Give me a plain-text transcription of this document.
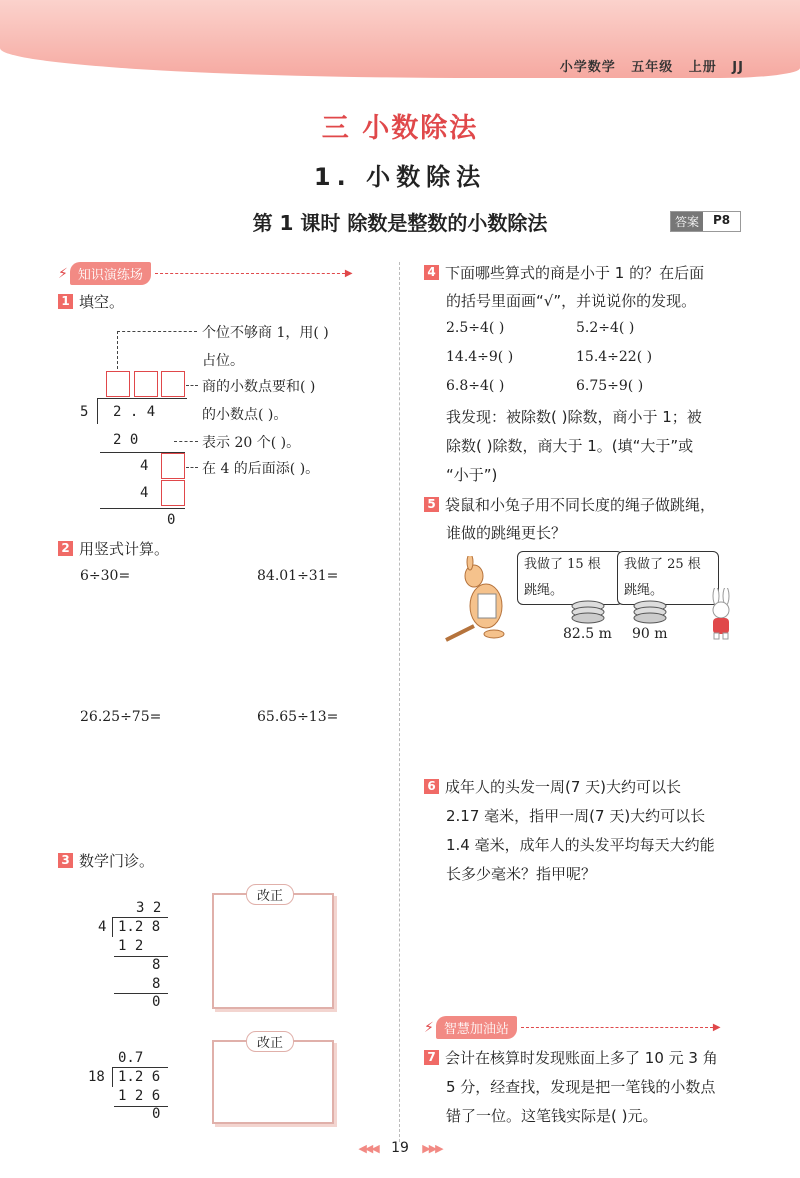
小学数学 五年级 上册 JJ
三 小数除法
1. 小数除法
第 1 课时 除数是整数的小数除法	答案	P8
⚡ 知识演练场	▶
1 填空。
个位不够商 1，用( )
占位。
商的小数点要和( )
的小数点( )。
表示 20 个( )。
在 4 的后面添( )。
5 2 . 4
2 0
4
4
0
2 用竖式计算。
6÷30=	84.01÷31=
26.25÷75=	65.65÷13=
3 数学门诊。
3 2
4 1.2 8
1 2
8
8
0
改正
0.7
18 1.2 6
1 2 6
0
改正
4 下面哪些算式的商是小于 1 的？在后面
的括号里面画“√”，并说说你的发现。
2.5÷4( )	5.2÷4( )
14.4÷9( )	15.4÷22( )
6.8÷4( )	6.75÷9( )
我发现：被除数( )除数，商小于 1；被
除数( )除数，商大于 1。(填“大于”或
“小于”)
5 袋鼠和小兔子用不同长度的绳子做跳绳，
谁做的跳绳更长？
我做了 15 根
跳绳。
我做了 25 根
跳绳。
82.5 m 90 m
6 成年人的头发一周(7 天)大约可以长
2.17 毫米，指甲一周(7 天)大约可以长
1.4 毫米，成年人的头发平均每天大约能
长多少毫米？指甲呢？
⚡ 智慧加油站	▶
7 会计在核算时发现账面上多了 10 元 3 角
5 分，经查找，发现是把一笔钱的小数点
错了一位。这笔钱实际是( )元。
◀◀◀ 19 ▶▶▶
